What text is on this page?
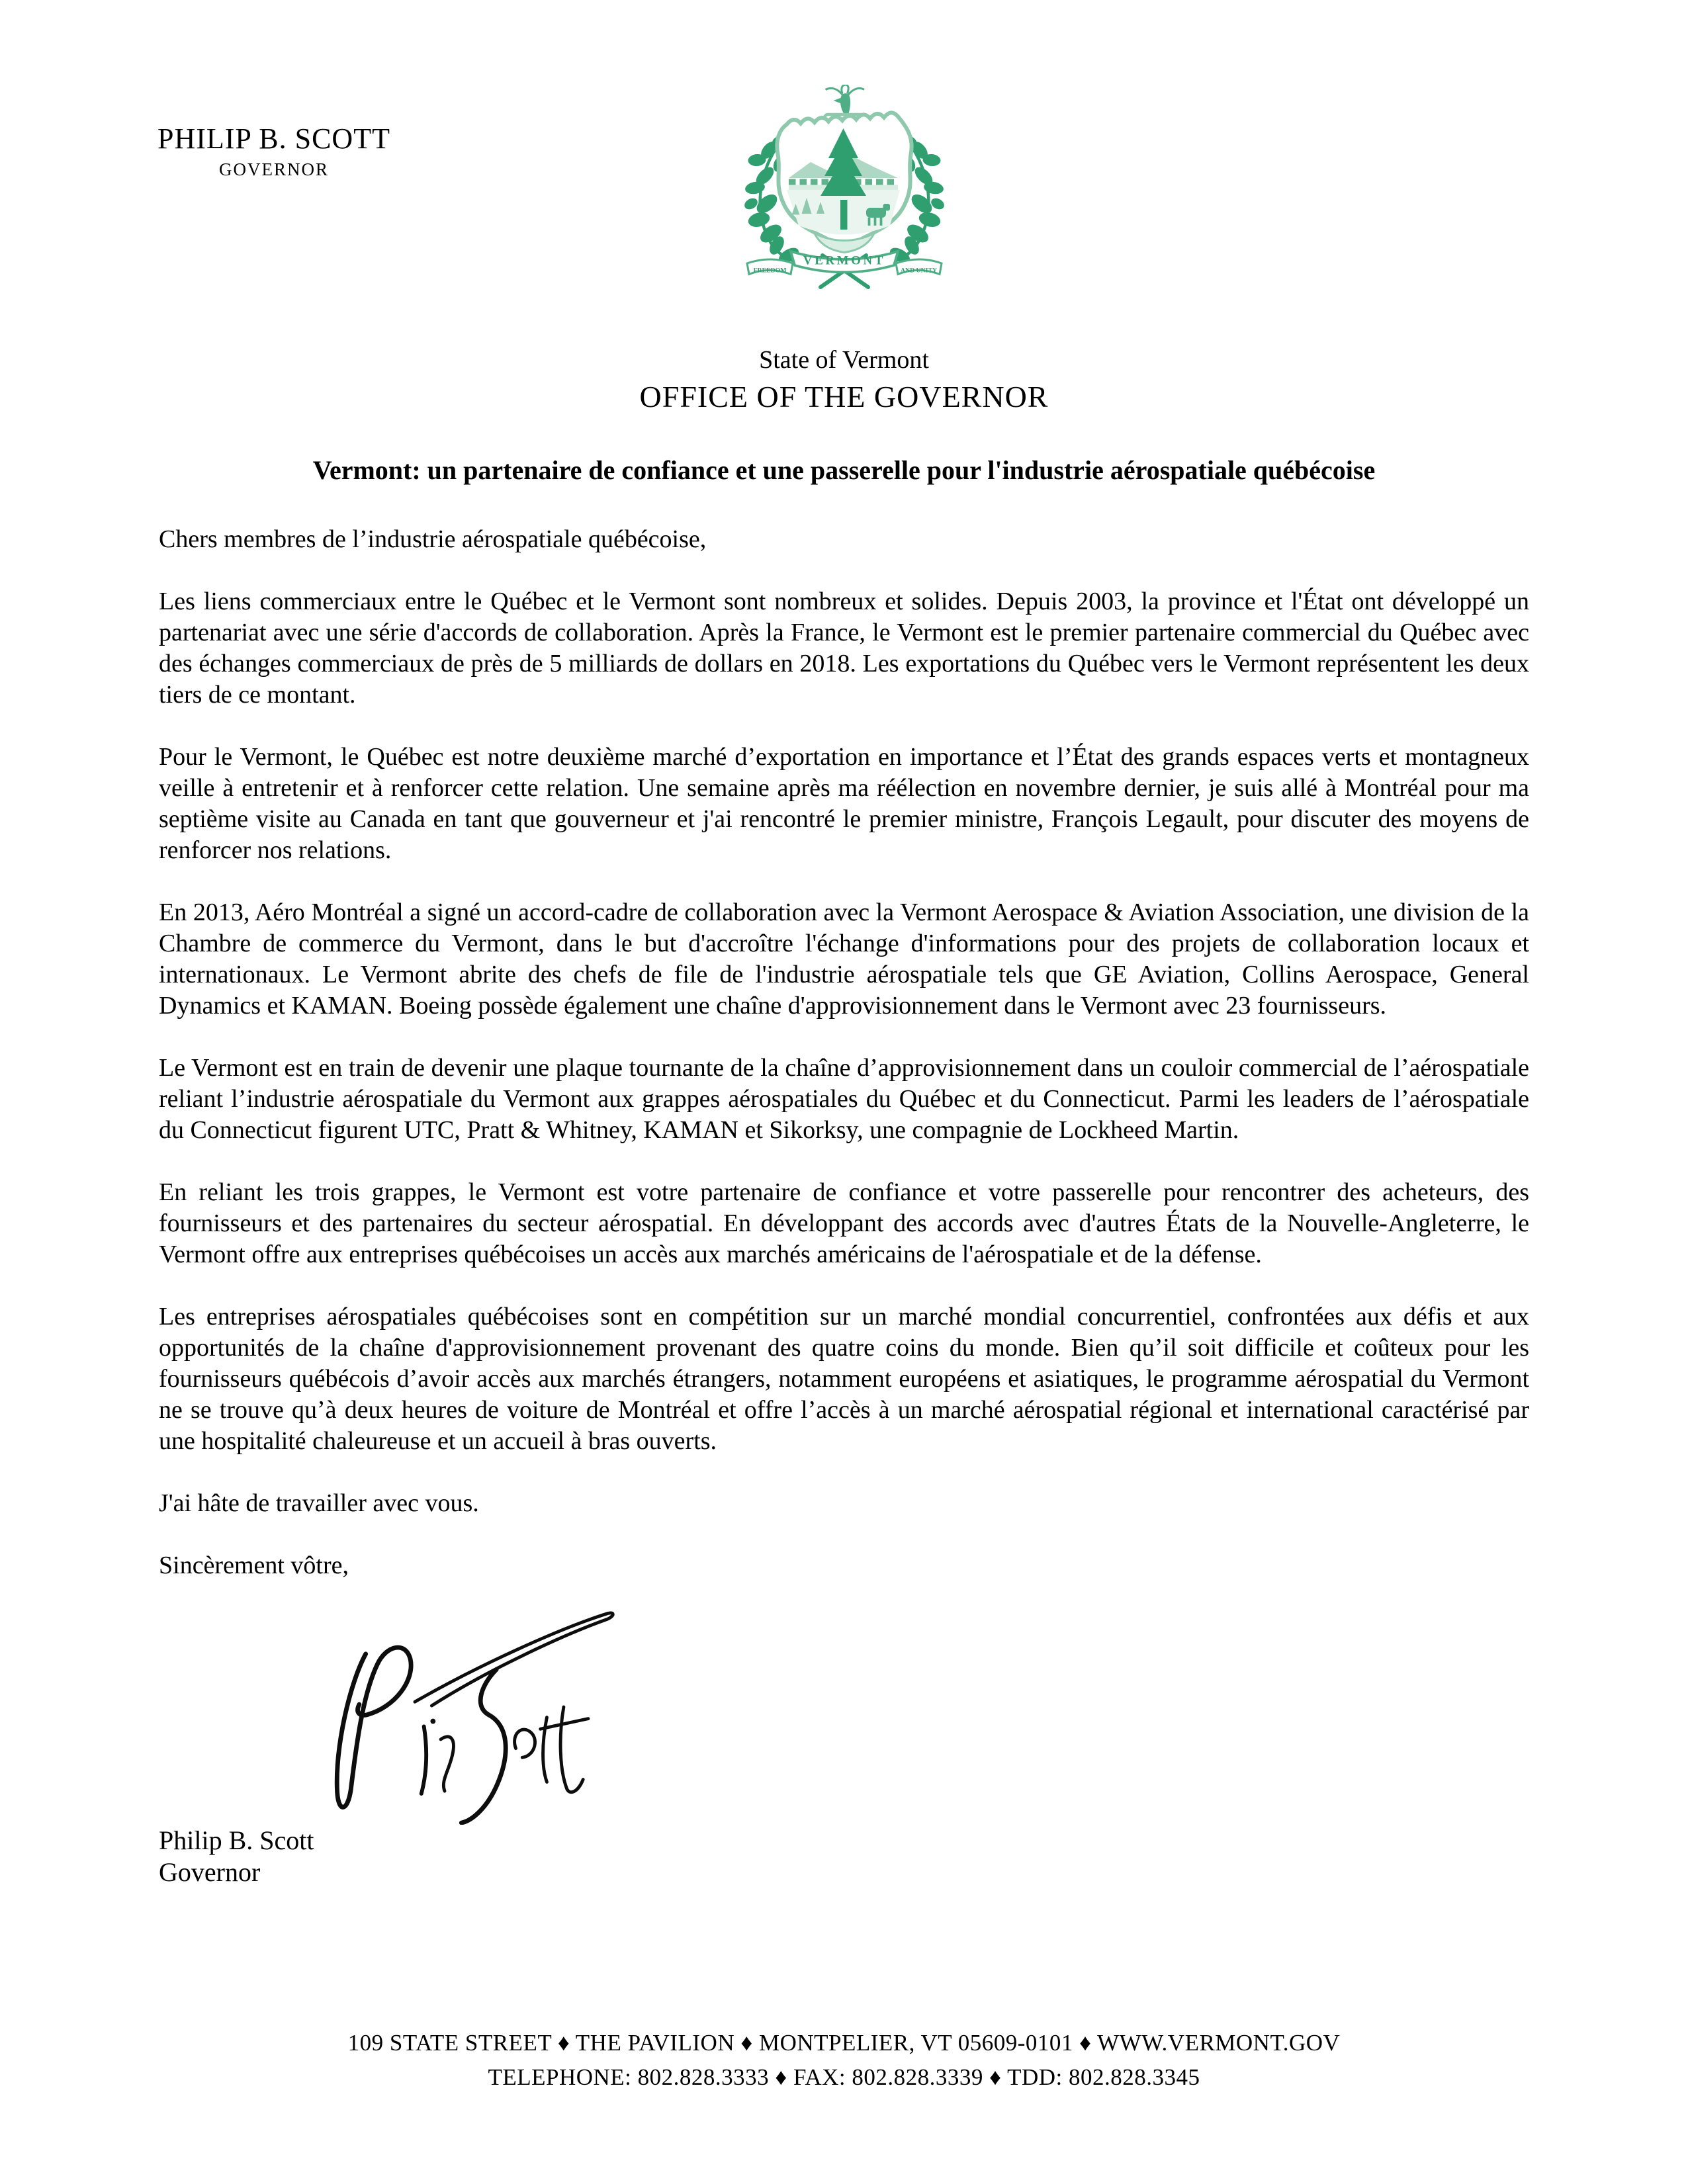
PHILIP B. SCOTT
GOVERNOR
VERMONT
FREEDOM	AND UNITY
State of Vermont
OFFICE OF THE GOVERNOR
Vermont: un partenaire de confiance et une passerelle pour l'industrie aérospatiale québécoise

Chers membres de l’industrie aérospatiale québécoise,

Les liens commerciaux entre le Québec et le Vermont sont nombreux et solides. Depuis 2003, la province et l'État ont développé un partenariat avec une série d'accords de collaboration. Après la France, le Vermont est le premier partenaire commercial du Québec avec des échanges commerciaux de près de 5 milliards de dollars en 2018. Les exportations du Québec vers le Vermont représentent les deux tiers de ce montant.

Pour le Vermont, le Québec est notre deuxième marché d’exportation en importance et l’État des grands espaces verts et montagneux veille à entretenir et à renforcer cette relation. Une semaine après ma réélection en novembre dernier, je suis allé à Montréal pour ma septième visite au Canada en tant que gouverneur et j'ai rencontré le premier ministre, François Legault, pour discuter des moyens de renforcer nos relations.

En 2013, Aéro Montréal a signé un accord-cadre de collaboration avec la Vermont Aerospace & Aviation Association, une division de la Chambre de commerce du Vermont, dans le but d'accroître l'échange d'informations pour des projets de collaboration locaux et internationaux. Le Vermont abrite des chefs de file de l'industrie aérospatiale tels que GE Aviation, Collins Aerospace, General Dynamics et KAMAN. Boeing possède également une chaîne d'approvisionnement dans le Vermont avec 23 fournisseurs.

Le Vermont est en train de devenir une plaque tournante de la chaîne d’approvisionnement dans un couloir commercial de l’aérospatiale reliant l’industrie aérospatiale du Vermont aux grappes aérospatiales du Québec et du Connecticut. Parmi les leaders de l’aérospatiale du Connecticut figurent UTC, Pratt & Whitney, KAMAN et Sikorksy, une compagnie de Lockheed Martin.

En reliant les trois grappes, le Vermont est votre partenaire de confiance et votre passerelle pour rencontrer des acheteurs, des fournisseurs et des partenaires du secteur aérospatial. En développant des accords avec d'autres États de la Nouvelle-Angleterre, le Vermont offre aux entreprises québécoises un accès aux marchés américains de l'aérospatiale et de la défense.

Les entreprises aérospatiales québécoises sont en compétition sur un marché mondial concurrentiel, confrontées aux défis et aux opportunités de la chaîne d'approvisionnement provenant des quatre coins du monde. Bien qu’il soit difficile et coûteux pour les fournisseurs québécois d’avoir accès aux marchés étrangers, notamment européens et asiatiques, le programme aérospatial du Vermont ne se trouve qu’à deux heures de voiture de Montréal et offre l’accès à un marché aérospatial régional et international caractérisé par une hospitalité chaleureuse et un accueil à bras ouverts.

J'ai hâte de travailler avec vous.

Sincèrement vôtre,

Philip B. Scott

Governor

109 STATE STREET ♦ THE PAVILION ♦ MONTPELIER, VT 05609-0101 ♦ WWW.VERMONT.GOV
TELEPHONE: 802.828.3333 ♦ FAX: 802.828.3339 ♦ TDD: 802.828.3345
